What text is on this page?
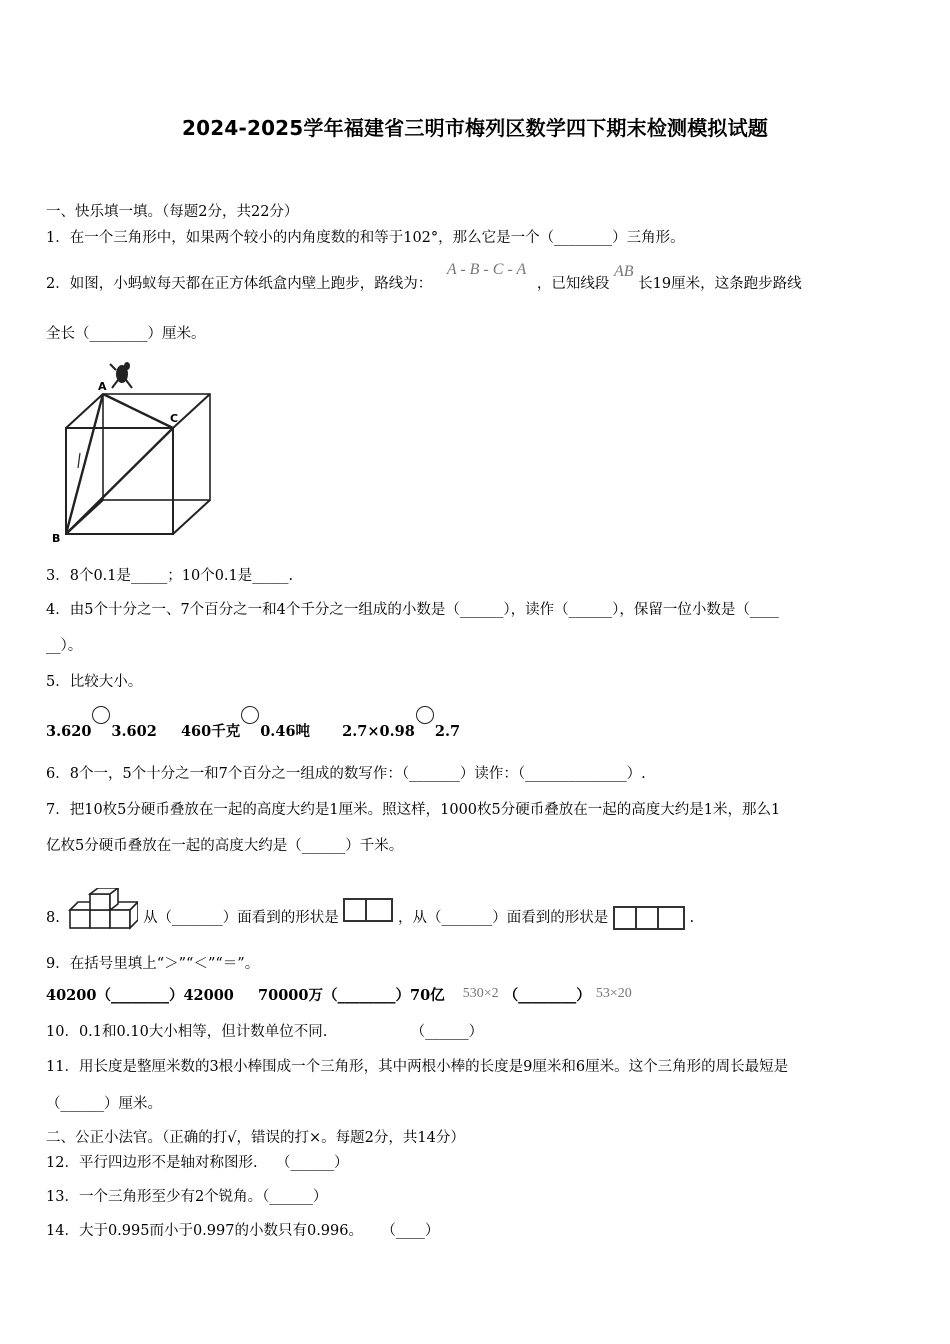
2024-2025学年福建省三明市梅列区数学四下期末检测模拟试题
一、快乐填一填。（每题2分，共22分）
1．在一个三角形中，如果两个较小的内角度数的和等于102°，那么它是一个（________）三角形。
2．如图，小蚂蚁每天都在正方体纸盒内壁上跑步，路线为： A - B - C - A ，已知线段 AB 长19厘米，这条跑步路线
全长（________）厘米。
A
C
B
3．8个0.1是_____；10个0.1是_____.
4．由5个十分之一、7个百分之一和4个千分之一组成的小数是（______），读作（______），保留一位小数是（____
__）。
5．比较大小。
3.620 3.602 460千克 0.46吨 2.7×0.98 2.7
6．8个一，5个十分之一和7个百分之一组成的数写作：（_______）读作：（______________）.
7．把10枚5分硬币叠放在一起的高度大约是1厘米。照这样，1000枚5分硬币叠放在一起的高度大约是1米，那么1
亿枚5分硬币叠放在一起的高度大约是（______）千米。
8.	从（_______）面看到的形状是	，从（_______）面看到的形状是	.
9．在括号里填上“＞”“＜”“＝”。
40200（________）42000 70000万（________）70亿 530×2 （________） 53×20
10．0.1和0.10大小相等，但计数单位不同.	（______）
11．用长度是整厘米数的3根小棒围成一个三角形，其中两根小棒的长度是9厘米和6厘米。这个三角形的周长最短是
（______）厘米。
二、公正小法官。（正确的打√，错误的打×。每题2分，共14分）
12．平行四边形不是轴对称图形.    （______）
13．一个三角形至少有2个锐角。（______）
14．大于0.995而小于0.997的小数只有0.996。    （____）
